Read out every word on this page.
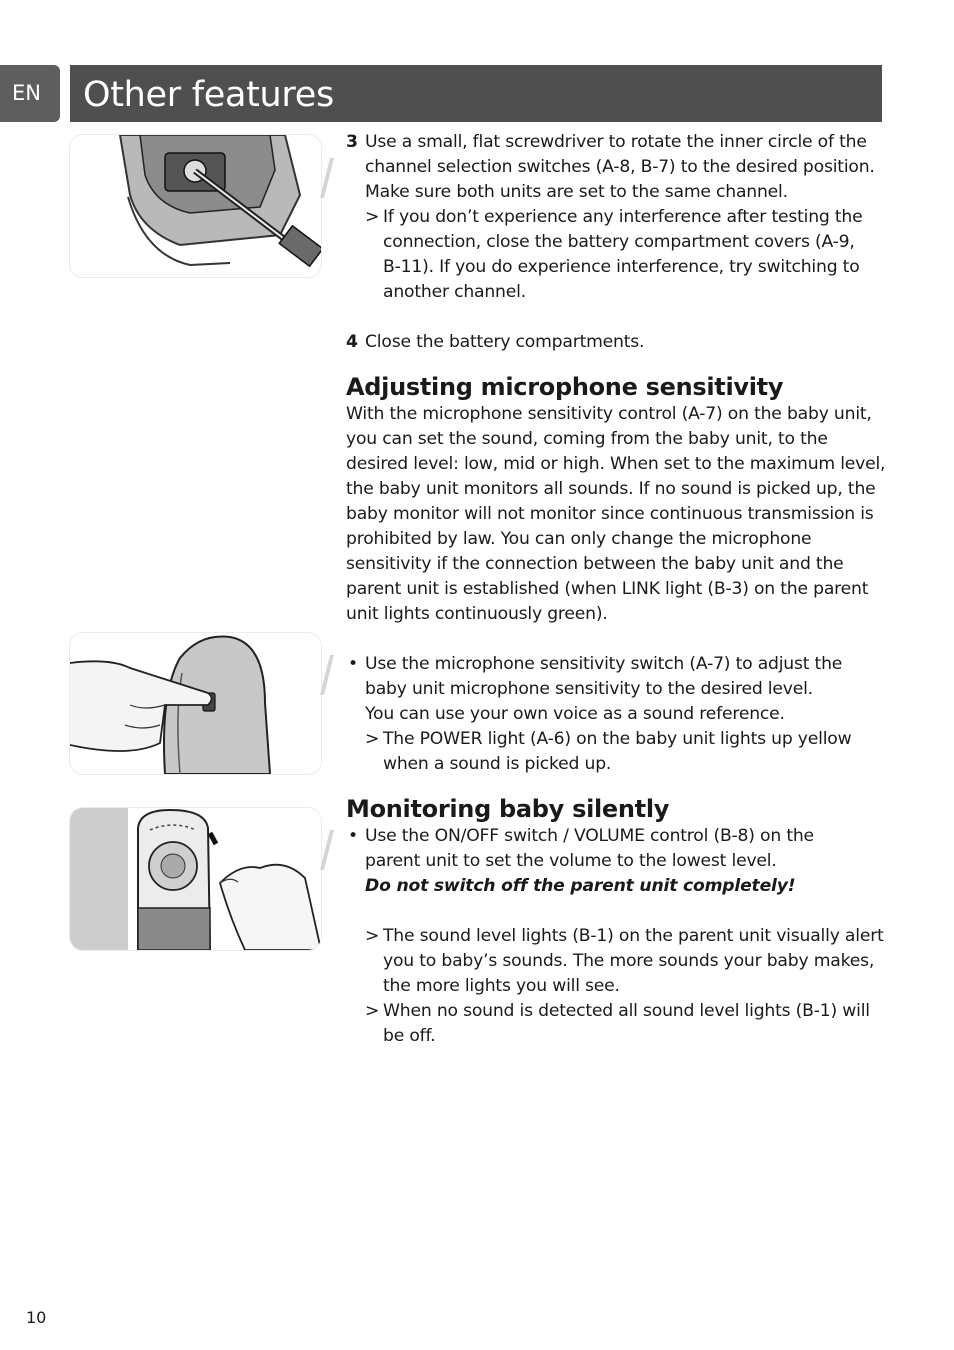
EN	Other features
3 Use a small, flat screwdriver to rotate the inner circle of the
channel selection switches (A-8, B-7) to the desired position.
Make sure both units are set to the same channel.
> If you don’t experience any interference after testing the
connection, close the battery compartment covers (A-9,
B-11). If you do experience interference, try switching to
another channel.
4 Close the battery compartments.
Adjusting microphone sensitivity
With the microphone sensitivity control (A-7) on the baby unit,
you can set the sound, coming from the baby unit, to the
desired level: low, mid or high. When set to the maximum level,
the baby unit monitors all sounds. If no sound is picked up, the
baby monitor will not monitor since continuous transmission is
prohibited by law. You can only change the microphone
sensitivity if the connection between the baby unit and the
parent unit is established (when LINK light (B-3) on the parent
unit lights continuously green).
• Use the microphone sensitivity switch (A-7) to adjust the
baby unit microphone sensitivity to the desired level.
You can use your own voice as a sound reference.
> The POWER light (A-6) on the baby unit lights up yellow
when a sound is picked up.
Monitoring baby silently
• Use the ON/OFF switch / VOLUME control (B-8) on the
parent unit to set the volume to the lowest level.
Do not switch off the parent unit completely!
> The sound level lights (B-1) on the parent unit visually alert
you to baby’s sounds. The more sounds your baby makes,
the more lights you will see.
> When no sound is detected all sound level lights (B-1) will
be off.
10
